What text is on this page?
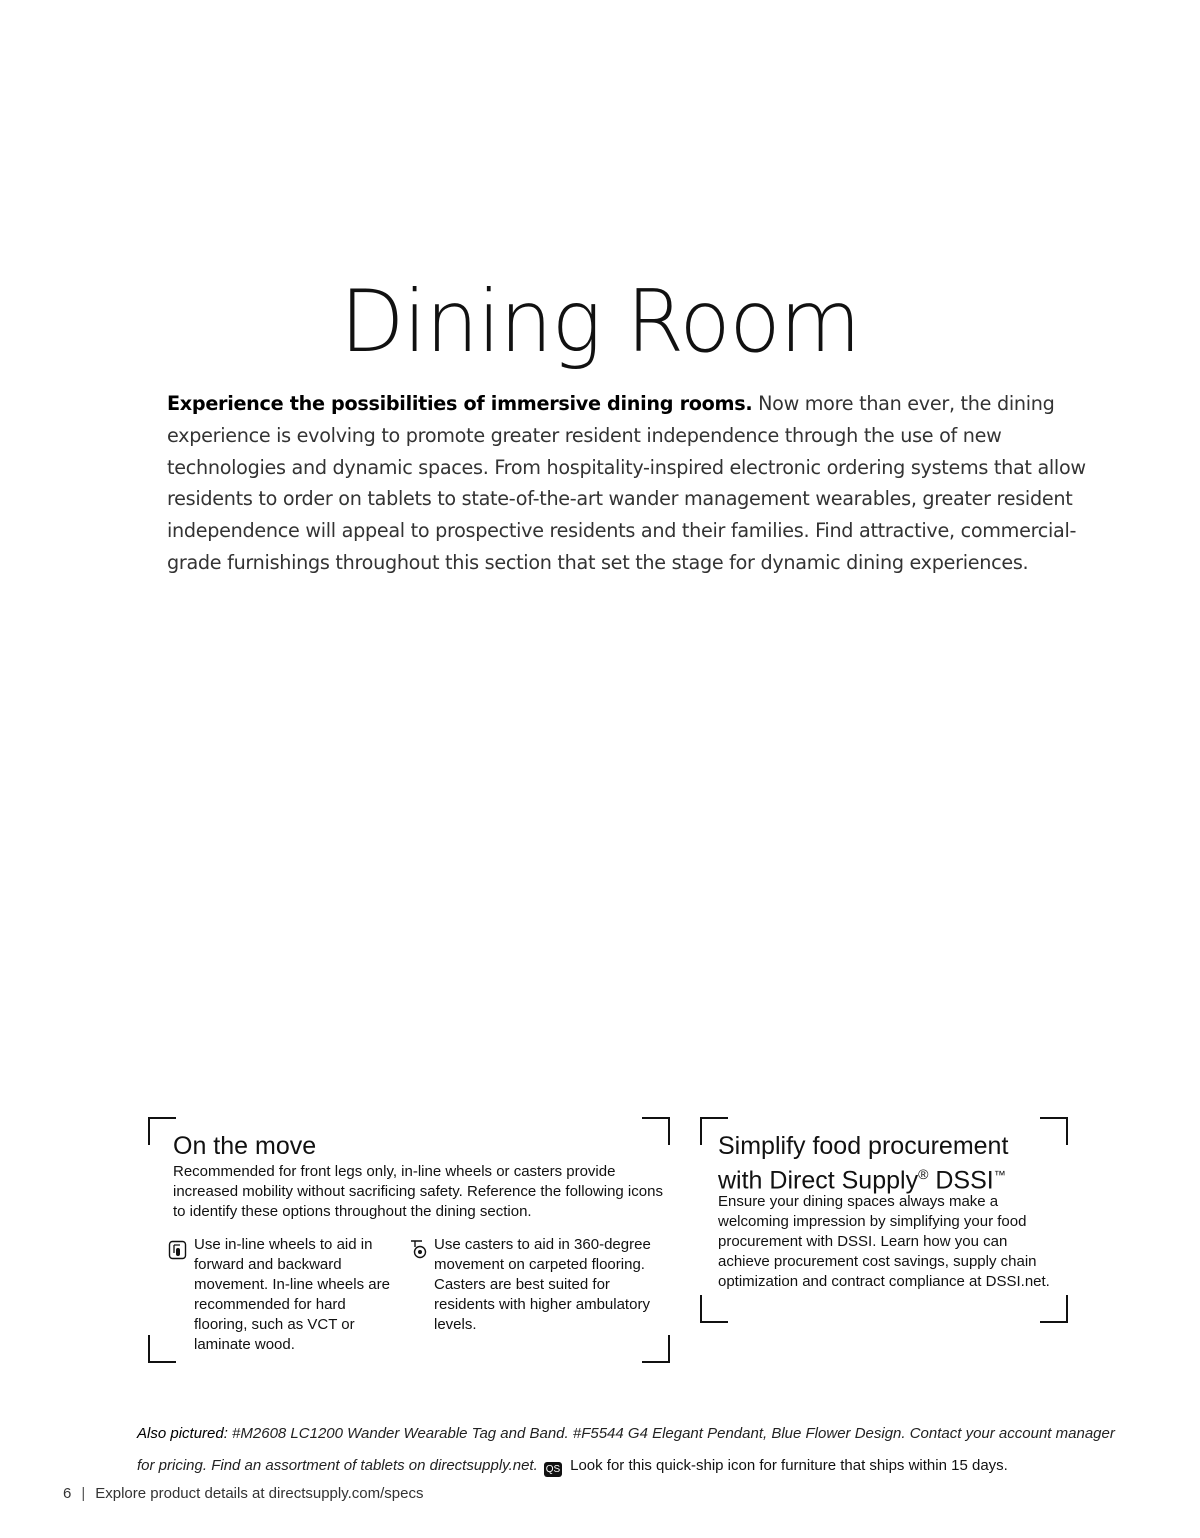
Dining Room

Experience the possibilities of immersive dining rooms. Now more than ever, the dining experience is evolving to promote greater resident independence through the use of new technologies and dynamic spaces. From hospitality-inspired electronic ordering systems that allow residents to order on tablets to state-of-the-art wander management wearables, greater resident independence will appeal to prospective residents and their families. Find attractive, commercial-grade furnishings throughout this section that set the stage for dynamic dining experiences.

On the move

Recommended for front legs only, in-line wheels or casters provide increased mobility without sacrificing safety. Reference the following icons to identify these options throughout the dining section.

Use in-line wheels to aid in forward and backward movement. In-line wheels are recommended for hard flooring, such as VCT or laminate wood.
Use casters to aid in 360-degree movement on carpeted flooring. Casters are best suited for residents with higher ambulatory levels.
Simplify food procurement
with Direct Supply® DSSI™

Ensure your dining spaces always make a welcoming impression by simplifying your food procurement with DSSI. Learn how you can achieve procurement cost savings, supply chain optimization and contract compliance at DSSI.net.

Also pictured: #M2608 LC1200 Wander Wearable Tag and Band. #F5544 G4 Elegant Pendant, Blue Flower Design. Contact your account manager for pricing. Find an assortment of tablets on directsupply.net. QS Look for this quick-ship icon for furniture that ships within 15 days.
6 | Explore product details at directsupply.com/specs
